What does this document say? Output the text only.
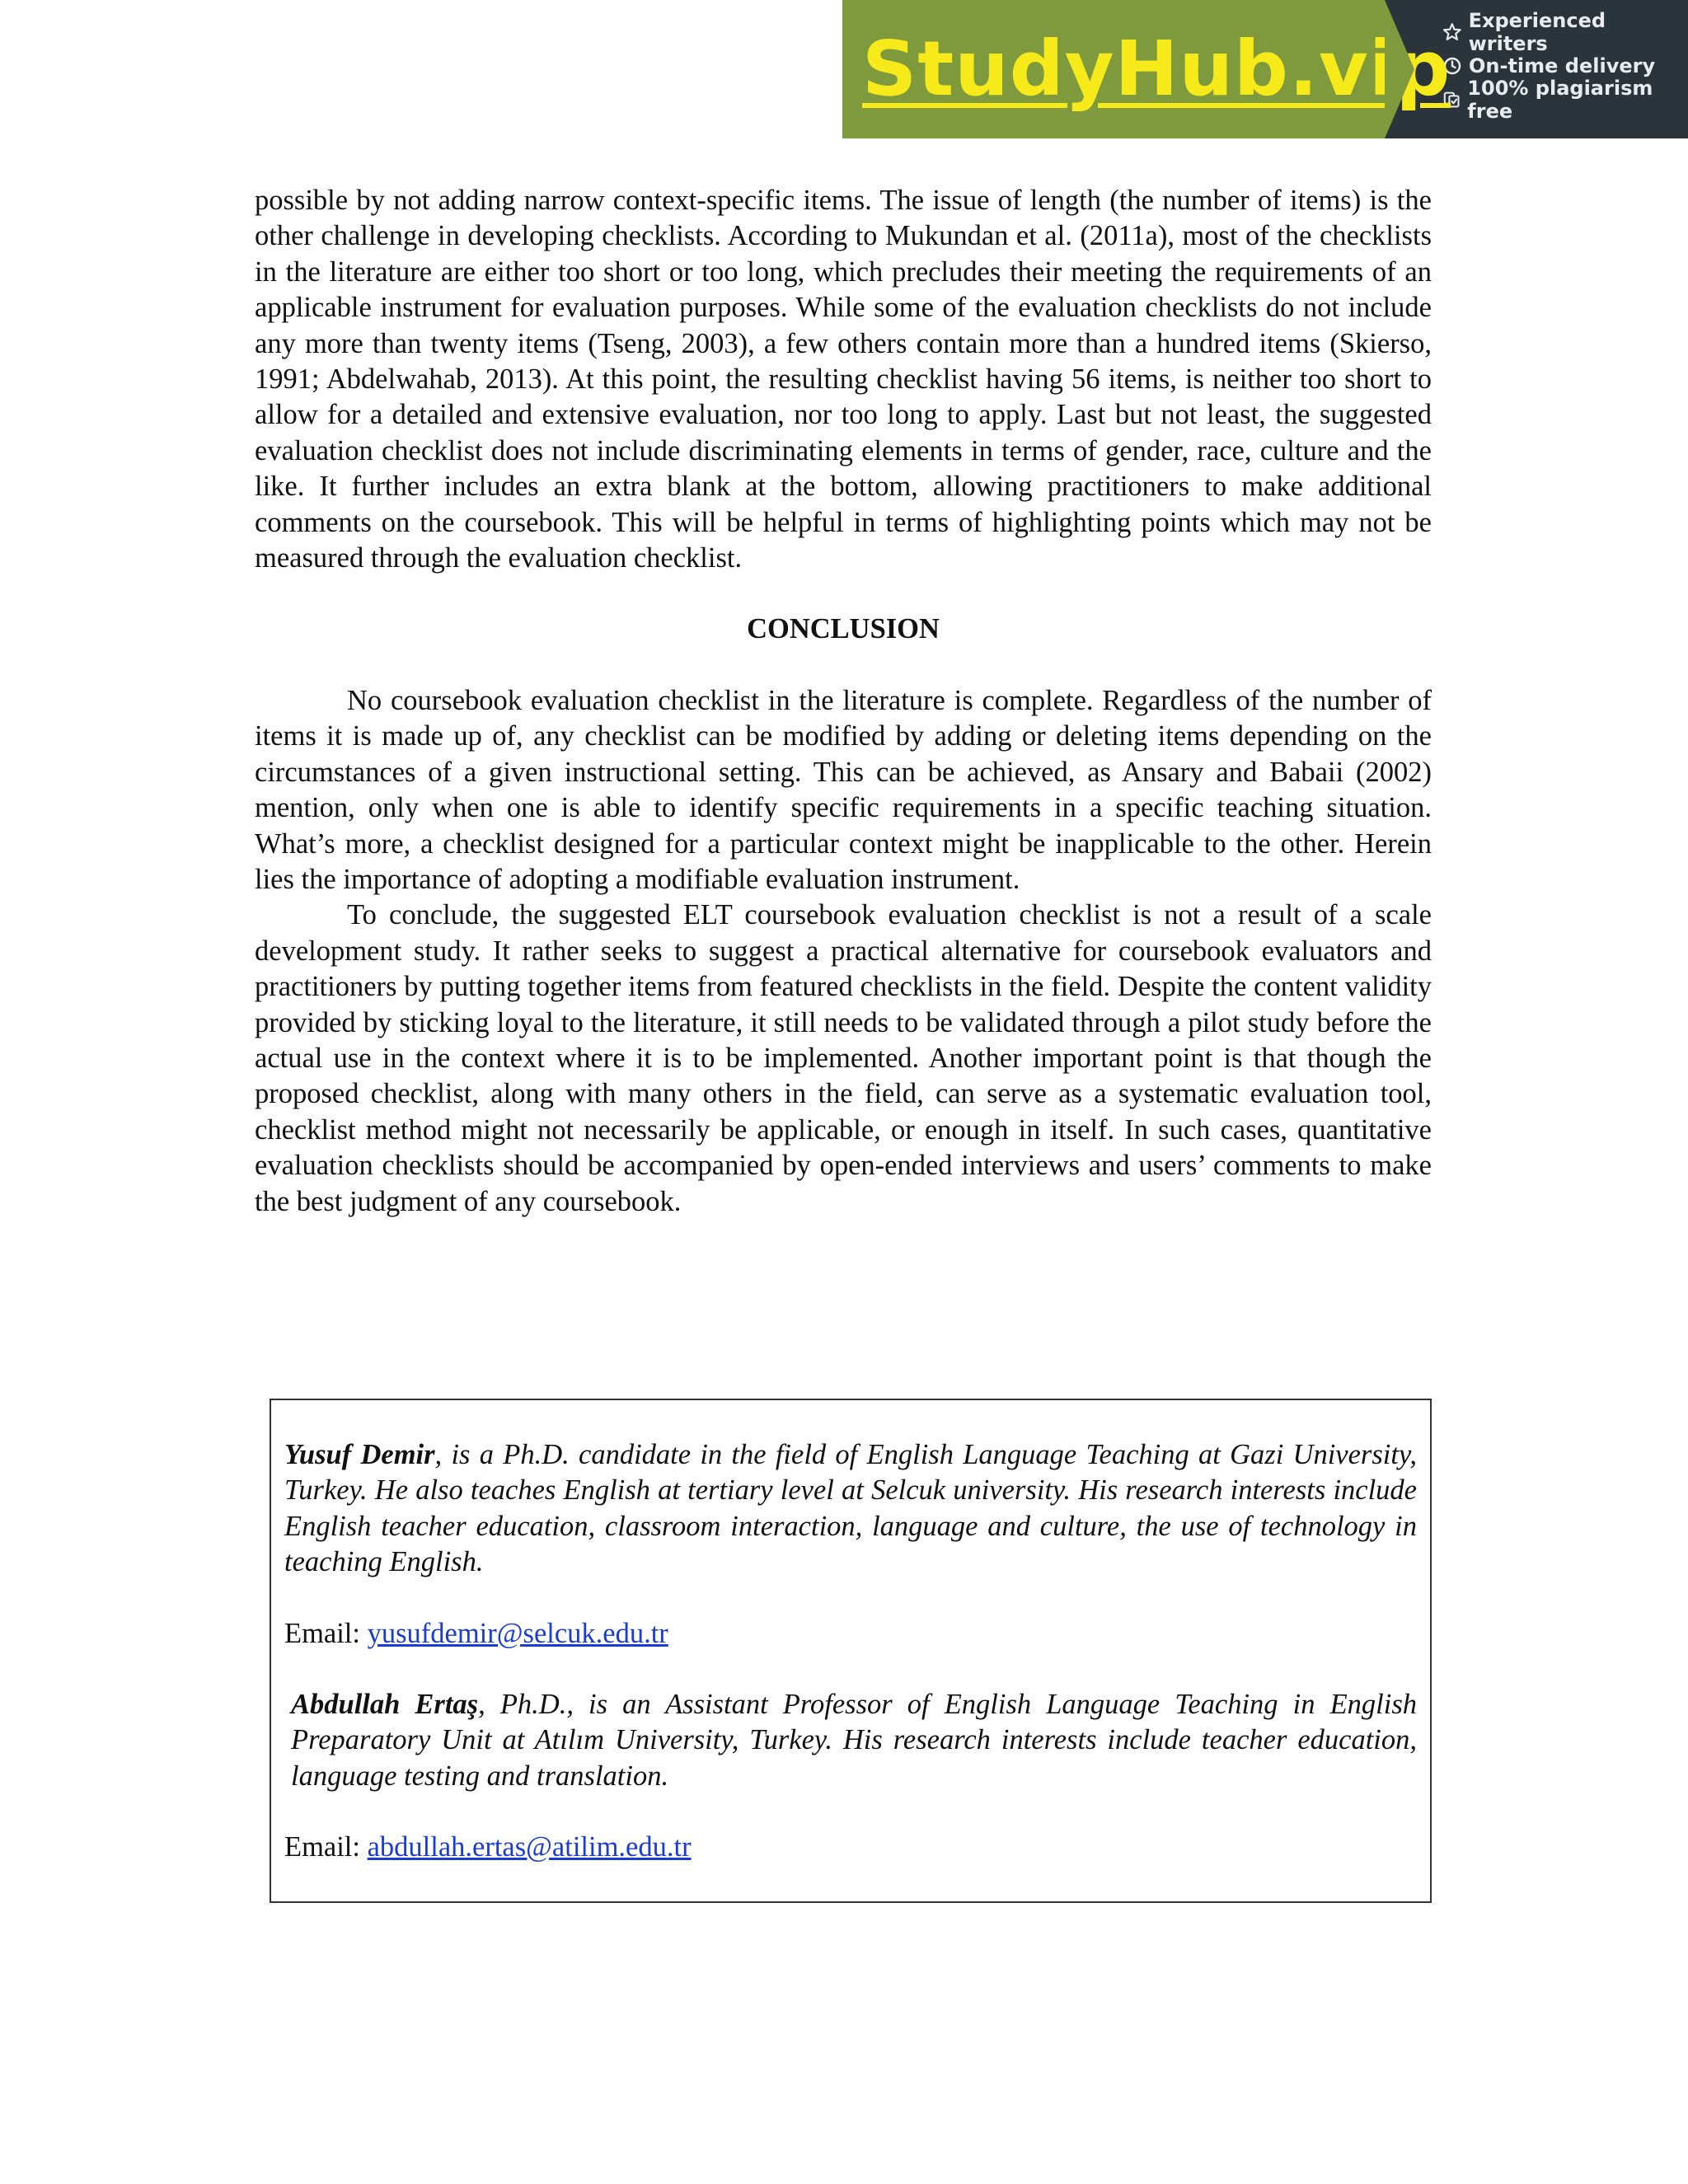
StudyHub.vip
Experienced writers
On-time delivery
100% plagiarism free

possible by not adding narrow context-specific items. The issue of length (the number of items) is the other challenge in developing checklists. According to Mukundan et al. (2011a), most of the checklists in the literature are either too short or too long, which precludes their meeting the requirements of an applicable instrument for evaluation purposes. While some of the evaluation checklists do not include any more than twenty items (Tseng, 2003), a few others contain more than a hundred items (Skierso, 1991; Abdelwahab, 2013). At this point, the resulting checklist having 56 items, is neither too short to allow for a detailed and extensive evaluation, nor too long to apply. Last but not least, the suggested evaluation checklist does not include discriminating elements in terms of gender, race, culture and the like. It further includes an extra blank at the bottom, allowing practitioners to make additional comments on the coursebook. This will be helpful in terms of highlighting points which may not be measured through the evaluation checklist.

CONCLUSION

No coursebook evaluation checklist in the literature is complete. Regardless of the number of items it is made up of, any checklist can be modified by adding or deleting items depending on the circumstances of a given instructional setting. This can be achieved, as Ansary and Babaii (2002) mention, only when one is able to identify specific requirements in a specific teaching situation. What’s more, a checklist designed for a particular context might be inapplicable to the other. Herein lies the importance of adopting a modifiable evaluation instrument.

To conclude, the suggested ELT coursebook evaluation checklist is not a result of a scale development study. It rather seeks to suggest a practical alternative for coursebook evaluators and practitioners by putting together items from featured checklists in the field. Despite the content validity provided by sticking loyal to the literature, it still needs to be validated through a pilot study before the actual use in the context where it is to be implemented. Another important point is that though the proposed checklist, along with many others in the field, can serve as a systematic evaluation tool, checklist method might not necessarily be applicable, or enough in itself. In such cases, quantitative evaluation checklists should be accompanied by open-ended interviews and users’ comments to make the best judgment of any coursebook.

Yusuf Demir, is a Ph.D. candidate in the field of English Language Teaching at Gazi University, Turkey. He also teaches English at tertiary level at Selcuk university. His research interests include English teacher education, classroom interaction, language and culture, the use of technology in teaching English.

Email: yusufdemir@selcuk.edu.tr

Abdullah Ertaş, Ph.D., is an Assistant Professor of English Language Teaching in English Preparatory Unit at Atılım University, Turkey. His research interests include teacher education, language testing and translation.

Email: abdullah.ertas@atilim.edu.tr
